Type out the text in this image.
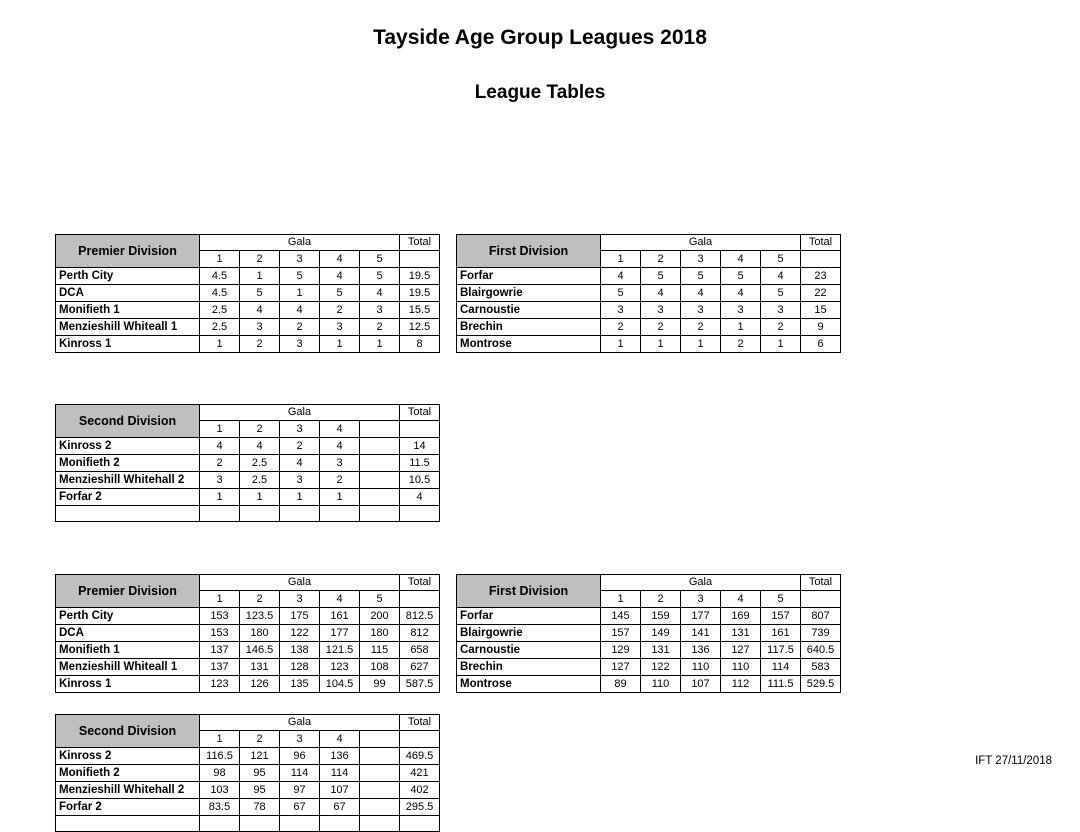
Tayside Age Group Leagues 2018
League Tables
Premier Division	Gala					Total
	1	2	3	4	5	
Perth City	4.5	1	5	4	5	19.5
DCA	4.5	5	1	5	4	19.5
Monifieth 1	2.5	4	4	2	3	15.5
Menzieshill Whiteall 1	2.5	3	2	3	2	12.5
Kinross 1	1	2	3	1	1	8
First Division	Gala					Total
	1	2	3	4	5	
Forfar	4	5	5	5	4	23
Blairgowrie	5	4	4	4	5	22
Carnoustie	3	3	3	3	3	15
Brechin	2	2	2	1	2	9
Montrose	1	1	1	2	1	6
Second Division	Gala					Total
	1	2	3	4		
Kinross 2	4	4	2	4		14
Monifieth 2	2	2.5	4	3		11.5
Menzieshill Whitehall 2	3	2.5	3	2		10.5
Forfar 2	1	1	1	1		4

Premier Division	Gala					Total
	1	2	3	4	5	
Perth City	153	123.5	175	161	200	812.5
DCA	153	180	122	177	180	812
Monifieth 1	137	146.5	138	121.5	115	658
Menzieshill Whiteall 1	137	131	128	123	108	627
Kinross 1	123	126	135	104.5	99	587.5
First Division	Gala					Total
	1	2	3	4	5	
Forfar	145	159	177	169	157	807
Blairgowrie	157	149	141	131	161	739
Carnoustie	129	131	136	127	117.5	640.5
Brechin	127	122	110	110	114	583
Montrose	89	110	107	112	111.5	529.5
Second Division	Gala					Total
	1	2	3	4		
Kinross 2	116.5	121	96	136		469.5
Monifieth 2	98	95	114	114		421
Menzieshill Whitehall 2	103	95	97	107		402
Forfar 2	83.5	78	67	67		295.5

IFT 27/11/2018
